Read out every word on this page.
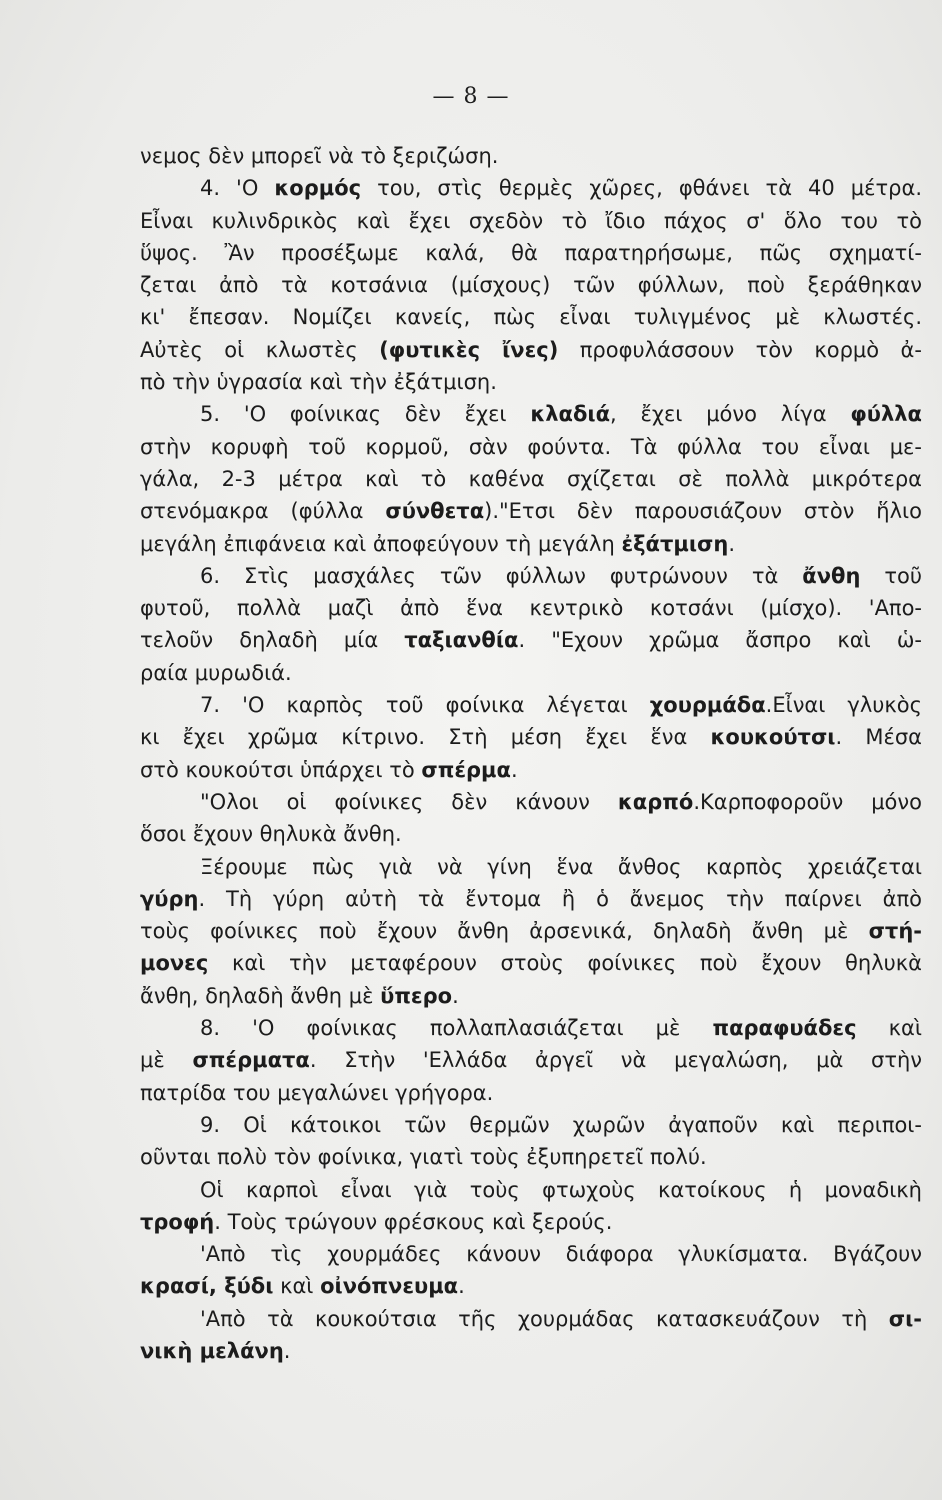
— 8 —
νεμος δὲν μπορεῖ νὰ τὸ ξεριζώση.
4. 'Ο κορμός του, στὶς θερμὲς χῶρες, φθάνει τὰ 40 μέτρα.
Εἶναι κυλινδρικὸς καὶ ἔχει σχεδὸν τὸ ἴδιο πάχος σ' ὅλο του τὸ
ὕψος. Ἂν προσέξωμε καλά, θὰ παρατηρήσωμε, πῶς σχηματί-
ζεται ἀπὸ τὰ κοτσάνια (μίσχους) τῶν φύλλων, ποὺ ξεράθηκαν
κι' ἔπεσαν. Νομίζει κανείς, πὼς εἶναι τυλιγμένος μὲ κλωστές.
Αὐτὲς οἱ κλωστὲς (φυτικὲς ἴνες) προφυλάσσουν τὸν κορμὸ ἀ-
πὸ τὴν ὑγρασία καὶ τὴν ἐξάτμιση.
5. 'Ο φοίνικας δὲν ἔχει κλαδιά, ἔχει μόνο λίγα φύλλα
στὴν κορυφὴ τοῦ κορμοῦ, σὰν φούντα. Τὰ φύλλα του εἶναι με-
γάλα, 2-3 μέτρα καὶ τὸ καθένα σχίζεται σὲ πολλὰ μικρότερα
στενόμακρα (φύλλα σύνθετα)."Ετσι δὲν παρουσιάζουν στὸν ἥλιο
μεγάλη ἐπιφάνεια καὶ ἀποφεύγουν τὴ μεγάλη ἐξάτμιση.
6. Στὶς μασχάλες τῶν φύλλων φυτρώνουν τὰ ἄνθη τοῦ
φυτοῦ, πολλὰ μαζὶ ἀπὸ ἕνα κεντρικὸ κοτσάνι (μίσχο). 'Απο-
τελοῦν δηλαδὴ μία ταξιανθία. "Εχουν χρῶμα ἄσπρο καὶ ὡ-
ραία μυρωδιά.
7. 'Ο καρπὸς τοῦ φοίνικα λέγεται χουρμάδα.Εἶναι γλυκὸς
κι ἔχει χρῶμα κίτρινο. Στὴ μέση ἔχει ἕνα κουκούτσι. Μέσα
στὸ κουκούτσι ὑπάρχει τὸ σπέρμα.
"Ολοι οἱ φοίνικες δὲν κάνουν καρπό.Καρποφοροῦν μόνο
ὅσοι ἔχουν θηλυκὰ ἄνθη.
Ξέρουμε πὼς γιὰ νὰ γίνη ἕνα ἄνθος καρπὸς χρειάζεται
γύρη. Τὴ γύρη αὐτὴ τὰ ἔντομα ἢ ὁ ἄνεμος τὴν παίρνει ἀπὸ
τοὺς φοίνικες ποὺ ἔχουν ἄνθη ἀρσενικά, δηλαδὴ ἄνθη μὲ στή-
μονες καὶ τὴν μεταφέρουν στοὺς φοίνικες ποὺ ἔχουν θηλυκὰ
ἄνθη, δηλαδὴ ἄνθη μὲ ὕπερο.
8. 'Ο φοίνικας πολλαπλασιάζεται μὲ παραφυάδες καὶ
μὲ σπέρματα. Στὴν 'Ελλάδα ἀργεῖ νὰ μεγαλώση, μὰ στὴν
πατρίδα του μεγαλώνει γρήγορα.
9. Οἱ κάτοικοι τῶν θερμῶν χωρῶν ἀγαποῦν καὶ περιποι-
οῦνται πολὺ τὸν φοίνικα, γιατὶ τοὺς ἐξυπηρετεῖ πολύ.
Οἱ καρποὶ εἶναι γιὰ τοὺς φτωχοὺς κατοίκους ἡ μοναδικὴ
τροφή. Τοὺς τρώγουν φρέσκους καὶ ξερούς.
'Απὸ τὶς χουρμάδες κάνουν διάφορα γλυκίσματα. Βγάζουν
κρασί, ξύδι καὶ οἰνόπνευμα.
'Απὸ τὰ κουκούτσια τῆς χουρμάδας κατασκευάζουν τὴ σι-
νικὴ μελάνη.
